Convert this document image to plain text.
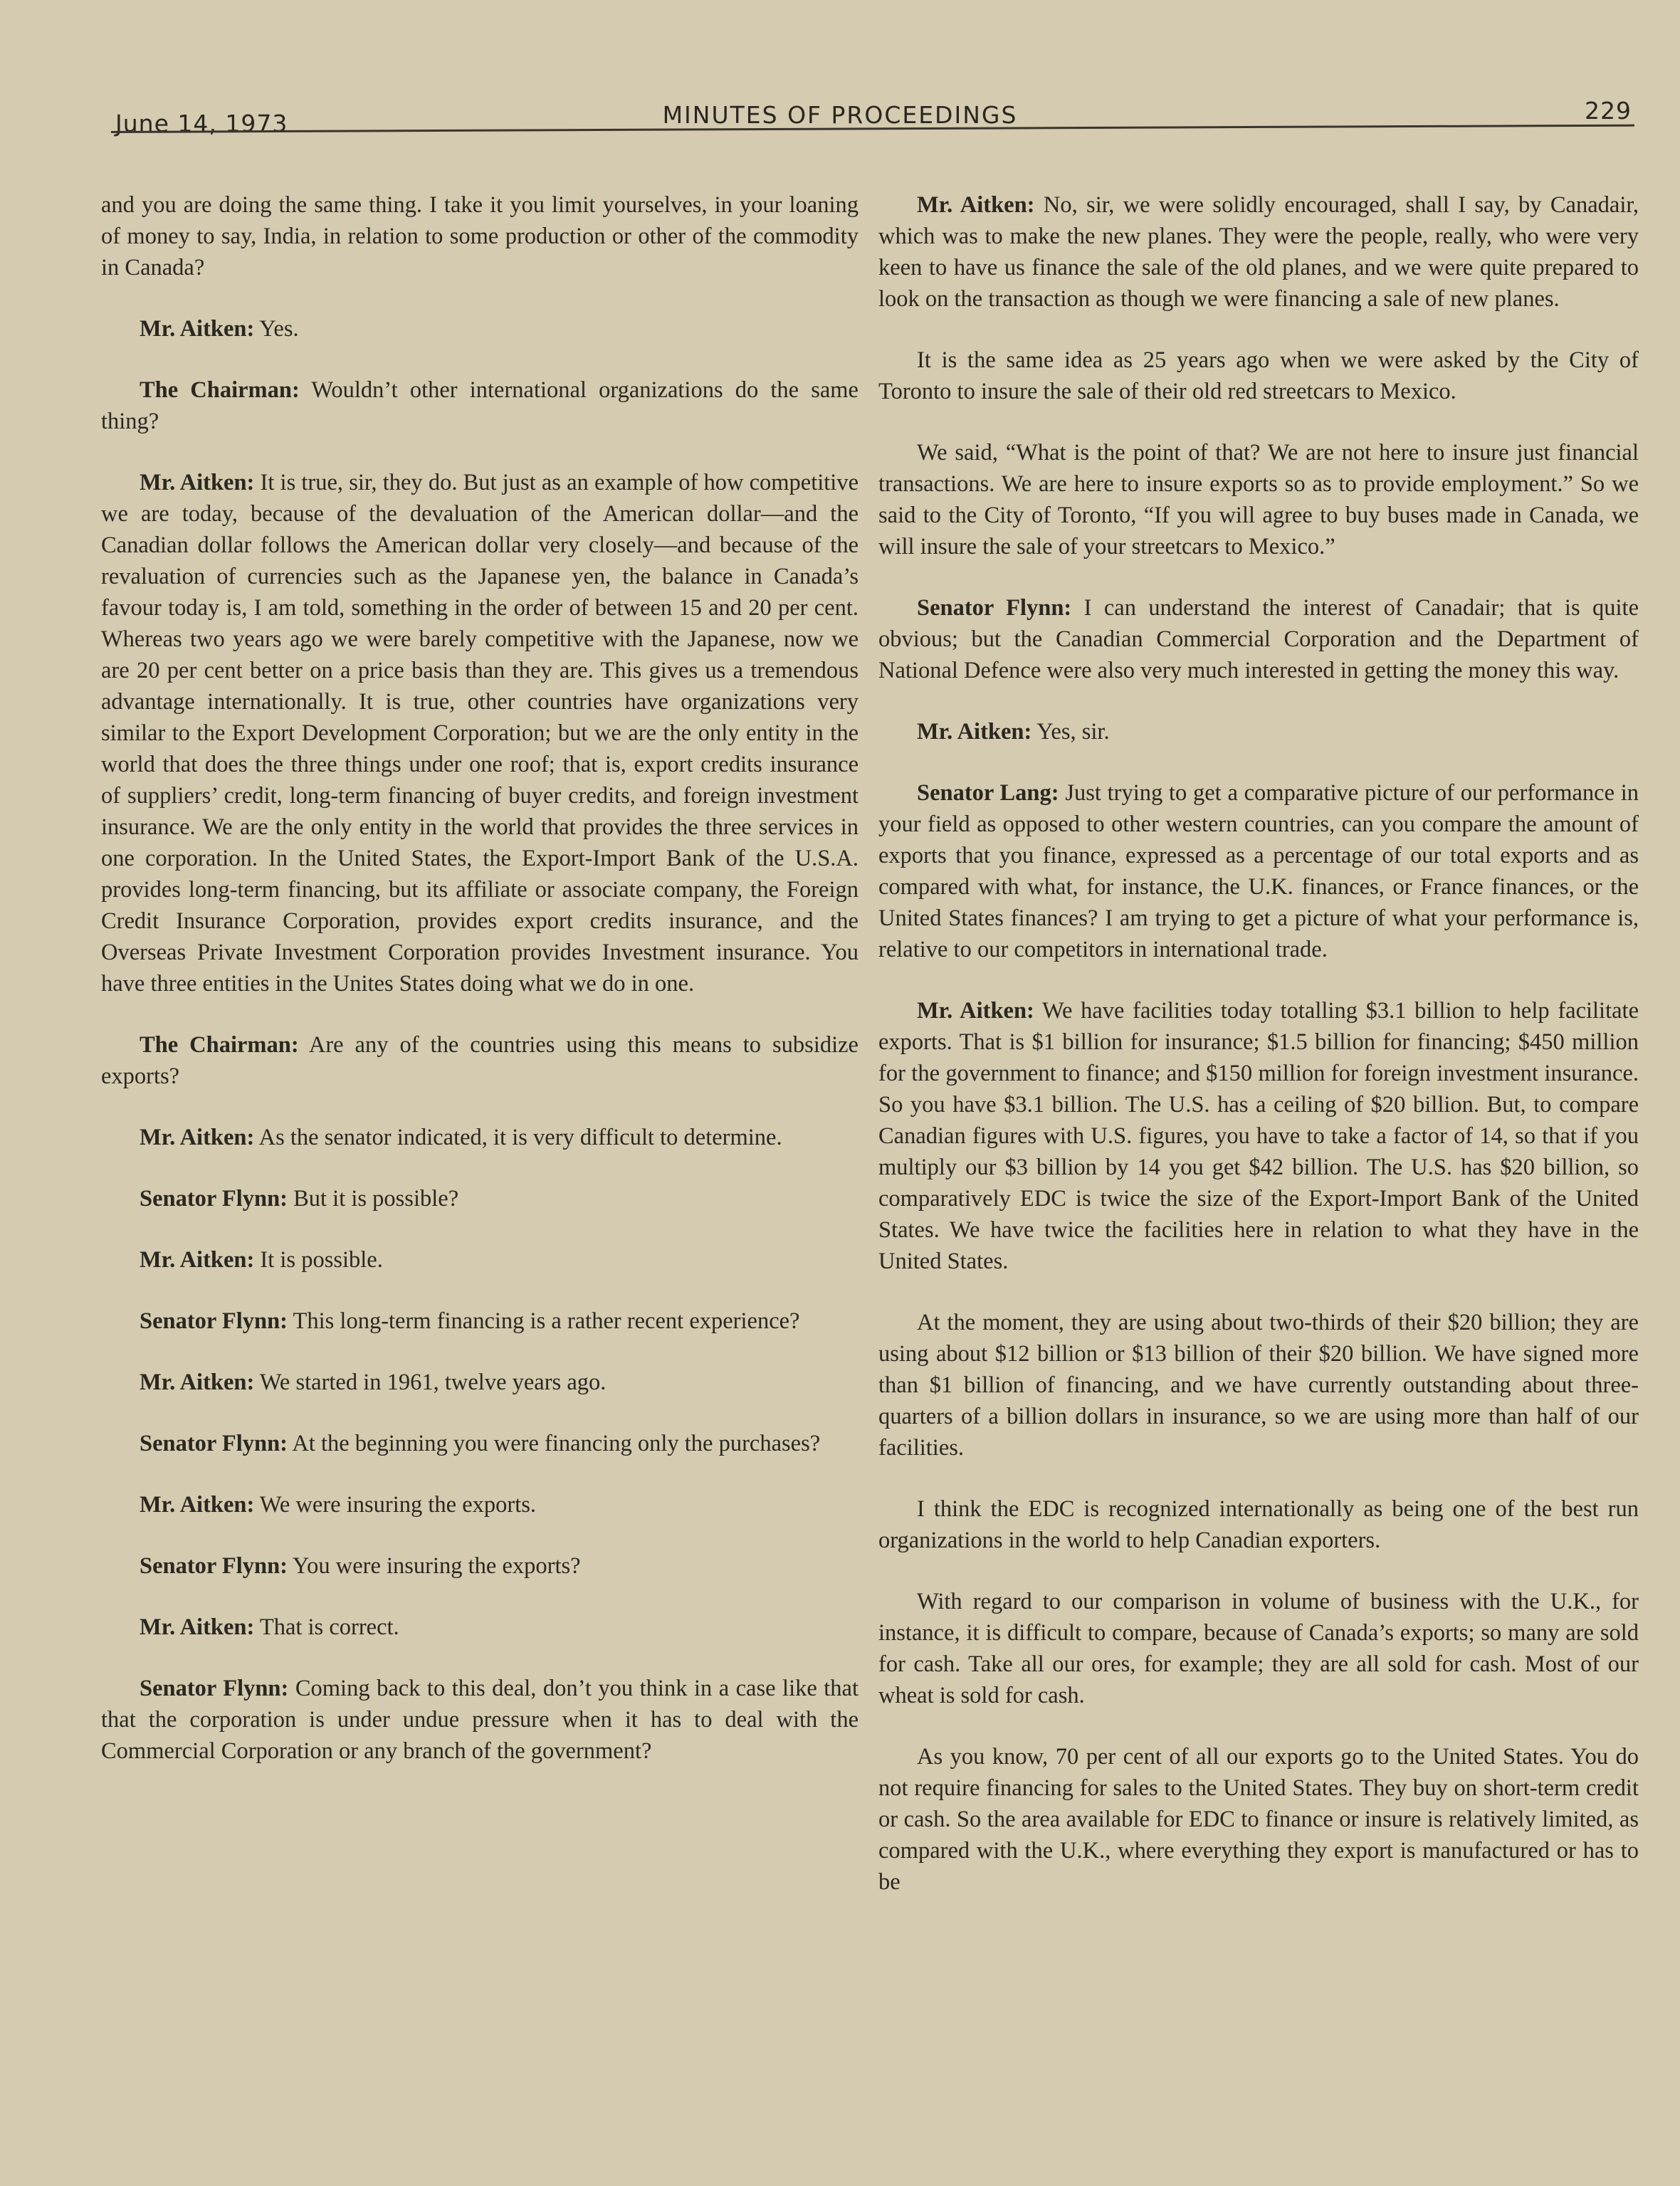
June 14, 1973	MINUTES OF PROCEEDINGS	229

and you are doing the same thing. I take it you limit yourselves, in your loaning of money to say, India, in relation to some production or other of the commodity in Canada?

Mr. Aitken: Yes.

The Chairman: Wouldn’t other international organizations do the same thing?

Mr. Aitken: It is true, sir, they do. But just as an example of how competitive we are today, because of the devaluation of the American dollar—and the Canadian dollar follows the American dollar very closely—and because of the revaluation of currencies such as the Japanese yen, the balance in Canada’s favour today is, I am told, something in the order of between 15 and 20 per cent. Whereas two years ago we were barely competitive with the Japanese, now we are 20 per cent better on a price basis than they are. This gives us a tremendous advantage internationally. It is true, other countries have organizations very similar to the Export Development Corporation; but we are the only entity in the world that does the three things under one roof; that is, export credits insurance of suppliers’ credit, long-term financing of buyer credits, and foreign investment insurance. We are the only entity in the world that provides the three services in one corporation. In the United States, the Export-Import Bank of the U.S.A. provides long-term financing, but its affiliate or associate company, the Foreign Credit Insurance Corporation, provides export credits insurance, and the Overseas Private Investment Corporation provides Investment insurance. You have three entities in the Unites States doing what we do in one.

The Chairman: Are any of the countries using this means to subsidize exports?

Mr. Aitken: As the senator indicated, it is very difficult to determine.

Senator Flynn: But it is possible?

Mr. Aitken: It is possible.

Senator Flynn: This long-term financing is a rather recent experience?

Mr. Aitken: We started in 1961, twelve years ago.

Senator Flynn: At the beginning you were financing only the purchases?

Mr. Aitken: We were insuring the exports.

Senator Flynn: You were insuring the exports?

Mr. Aitken: That is correct.

Senator Flynn: Coming back to this deal, don’t you think in a case like that that the corporation is under undue pressure when it has to deal with the Commercial Corporation or any branch of the government?

Mr. Aitken: No, sir, we were solidly encouraged, shall I say, by Canadair, which was to make the new planes. They were the people, really, who were very keen to have us finance the sale of the old planes, and we were quite prepared to look on the transaction as though we were financing a sale of new planes.

It is the same idea as 25 years ago when we were asked by the City of Toronto to insure the sale of their old red streetcars to Mexico.

We said, “What is the point of that? We are not here to insure just financial transactions. We are here to insure exports so as to provide employment.” So we said to the City of Toronto, “If you will agree to buy buses made in Canada, we will insure the sale of your streetcars to Mexico.”

Senator Flynn: I can understand the interest of Canadair; that is quite obvious; but the Canadian Commercial Corporation and the Department of National Defence were also very much interested in getting the money this way.

Mr. Aitken: Yes, sir.

Senator Lang: Just trying to get a comparative picture of our performance in your field as opposed to other western countries, can you compare the amount of exports that you finance, expressed as a percentage of our total exports and as compared with what, for instance, the U.K. finances, or France finances, or the United States finances? I am trying to get a picture of what your performance is, relative to our competitors in international trade.

Mr. Aitken: We have facilities today totalling $3.1 billion to help facilitate exports. That is $1 billion for insurance; $1.5 billion for financing; $450 million for the government to finance; and $150 million for foreign investment insurance. So you have $3.1 billion. The U.S. has a ceiling of $20 billion. But, to compare Canadian figures with U.S. figures, you have to take a factor of 14, so that if you multiply our $3 billion by 14 you get $42 billion. The U.S. has $20 billion, so comparatively EDC is twice the size of the Export-Import Bank of the United States. We have twice the facilities here in relation to what they have in the United States.

At the moment, they are using about two-thirds of their $20 billion; they are using about $12 billion or $13 billion of their $20 billion. We have signed more than $1 billion of financing, and we have currently outstanding about three-quarters of a billion dollars in insurance, so we are using more than half of our facilities.

I think the EDC is recognized internationally as being one of the best run organizations in the world to help Canadian exporters.

With regard to our comparison in volume of business with the U.K., for instance, it is difficult to compare, because of Canada’s exports; so many are sold for cash. Take all our ores, for example; they are all sold for cash. Most of our wheat is sold for cash.

As you know, 70 per cent of all our exports go to the United States. You do not require financing for sales to the United States. They buy on short-term credit or cash. So the area available for EDC to finance or insure is relatively limited, as compared with the U.K., where everything they export is manufactured or has to be
